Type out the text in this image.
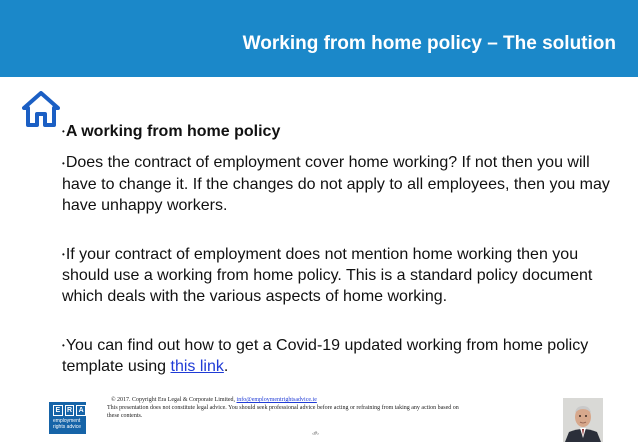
Working from home policy – The solution

•A working from home policy

•Does the contract of employment cover home working? If not then you will have to change it. If the changes do not apply to all employees, then you may have unhappy workers.

•If your contract of employment does not mention home working then you should use a working from home policy. This is a standard policy document which deals with the various aspects of home working.

•You can find out how to get a Covid-19 updated working from home policy template using this link.

E R A
employment
rights advice
© 2017. Copyright Era Legal & Corporate Limited, info@employmentrightsadvice.ie
This presentation does not constitute legal advice. You should seek professional advice before acting or refraining from taking any action based on these contents.
‹#›
